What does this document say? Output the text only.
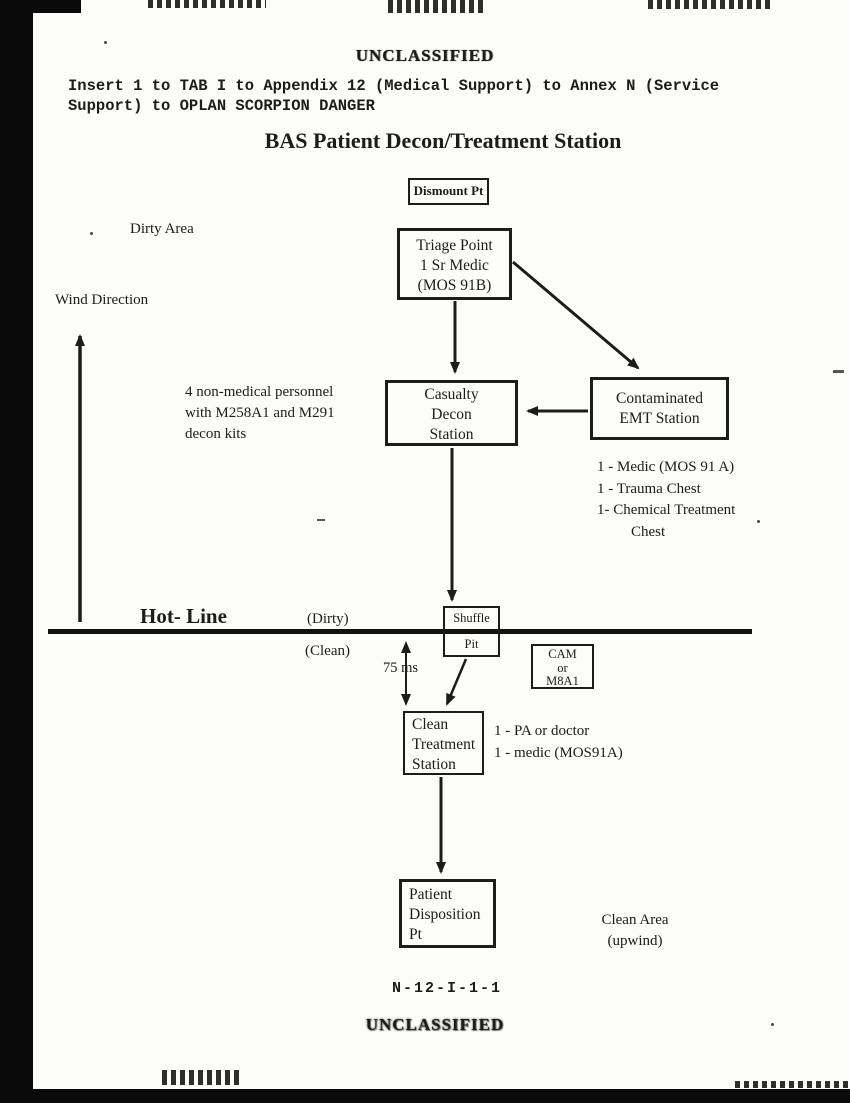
UNCLASSIFIED
Insert 1 to TAB I to Appendix 12 (Medical Support) to Annex N (Service
Support) to OPLAN SCORPION DANGER
BAS Patient Decon/Treatment Station
Dismount Pt
Triage Point
1 Sr Medic
(MOS 91B)
Casualty
Decon
Station
Contaminated
EMT Station
Shuffle
Pit
CAM
or
M8A1
Clean
Treatment
Station
Patient
Disposition
Pt
Dirty Area
Wind Direction
4 non-medical personnel
with M258A1 and M291
decon kits
1 - Medic (MOS 91 A)
1 - Trauma Chest
1- Chemical Treatment
Chest
Hot- Line	(Dirty)
(Clean)
75 ms
1 - PA or doctor
1 - medic (MOS91A)
Clean Area
(upwind)
N-12-I-1-1
UNCLASSIFIED
